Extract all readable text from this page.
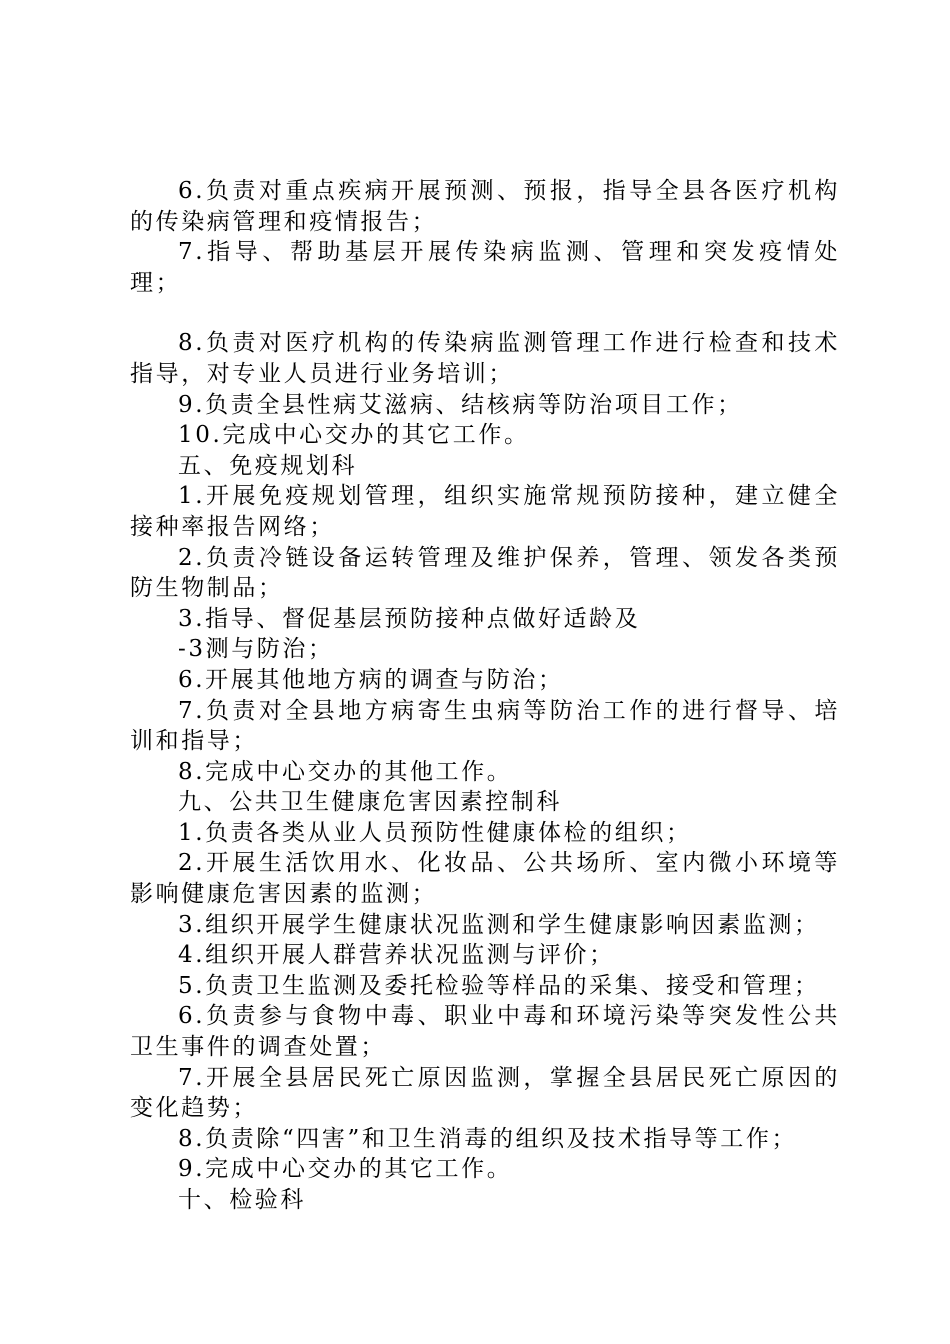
6.负责对重点疾病开展预测、预报，指导全县各医疗机构的传染病管理和疫情报告；

7.指导、帮助基层开展传染病监测、管理和突发疫情处理；

8.负责对医疗机构的传染病监测管理工作进行检查和技术指导，对专业人员进行业务培训；

9.负责全县性病艾滋病、结核病等防治项目工作；

10.完成中心交办的其它工作。

五、免疫规划科

1.开展免疫规划管理，组织实施常规预防接种，建立健全接种率报告网络；

2.负责冷链设备运转管理及维护保养，管理、领发各类预防生物制品；

3.指导、督促基层预防接种点做好适龄及

-3测与防治；

6.开展其他地方病的调查与防治；

7.负责对全县地方病寄生虫病等防治工作的进行督导、培训和指导；

8.完成中心交办的其他工作。

九、公共卫生健康危害因素控制科

1.负责各类从业人员预防性健康体检的组织；

2.开展生活饮用水、化妆品、公共场所、室内微小环境等影响健康危害因素的监测；

3.组织开展学生健康状况监测和学生健康影响因素监测；

4.组织开展人群营养状况监测与评价；

5.负责卫生监测及委托检验等样品的采集、接受和管理；

6.负责参与食物中毒、职业中毒和环境污染等突发性公共卫生事件的调查处置；

7.开展全县居民死亡原因监测，掌握全县居民死亡原因的变化趋势；

8.负责除“四害”和卫生消毒的组织及技术指导等工作；

9.完成中心交办的其它工作。

十、检验科
